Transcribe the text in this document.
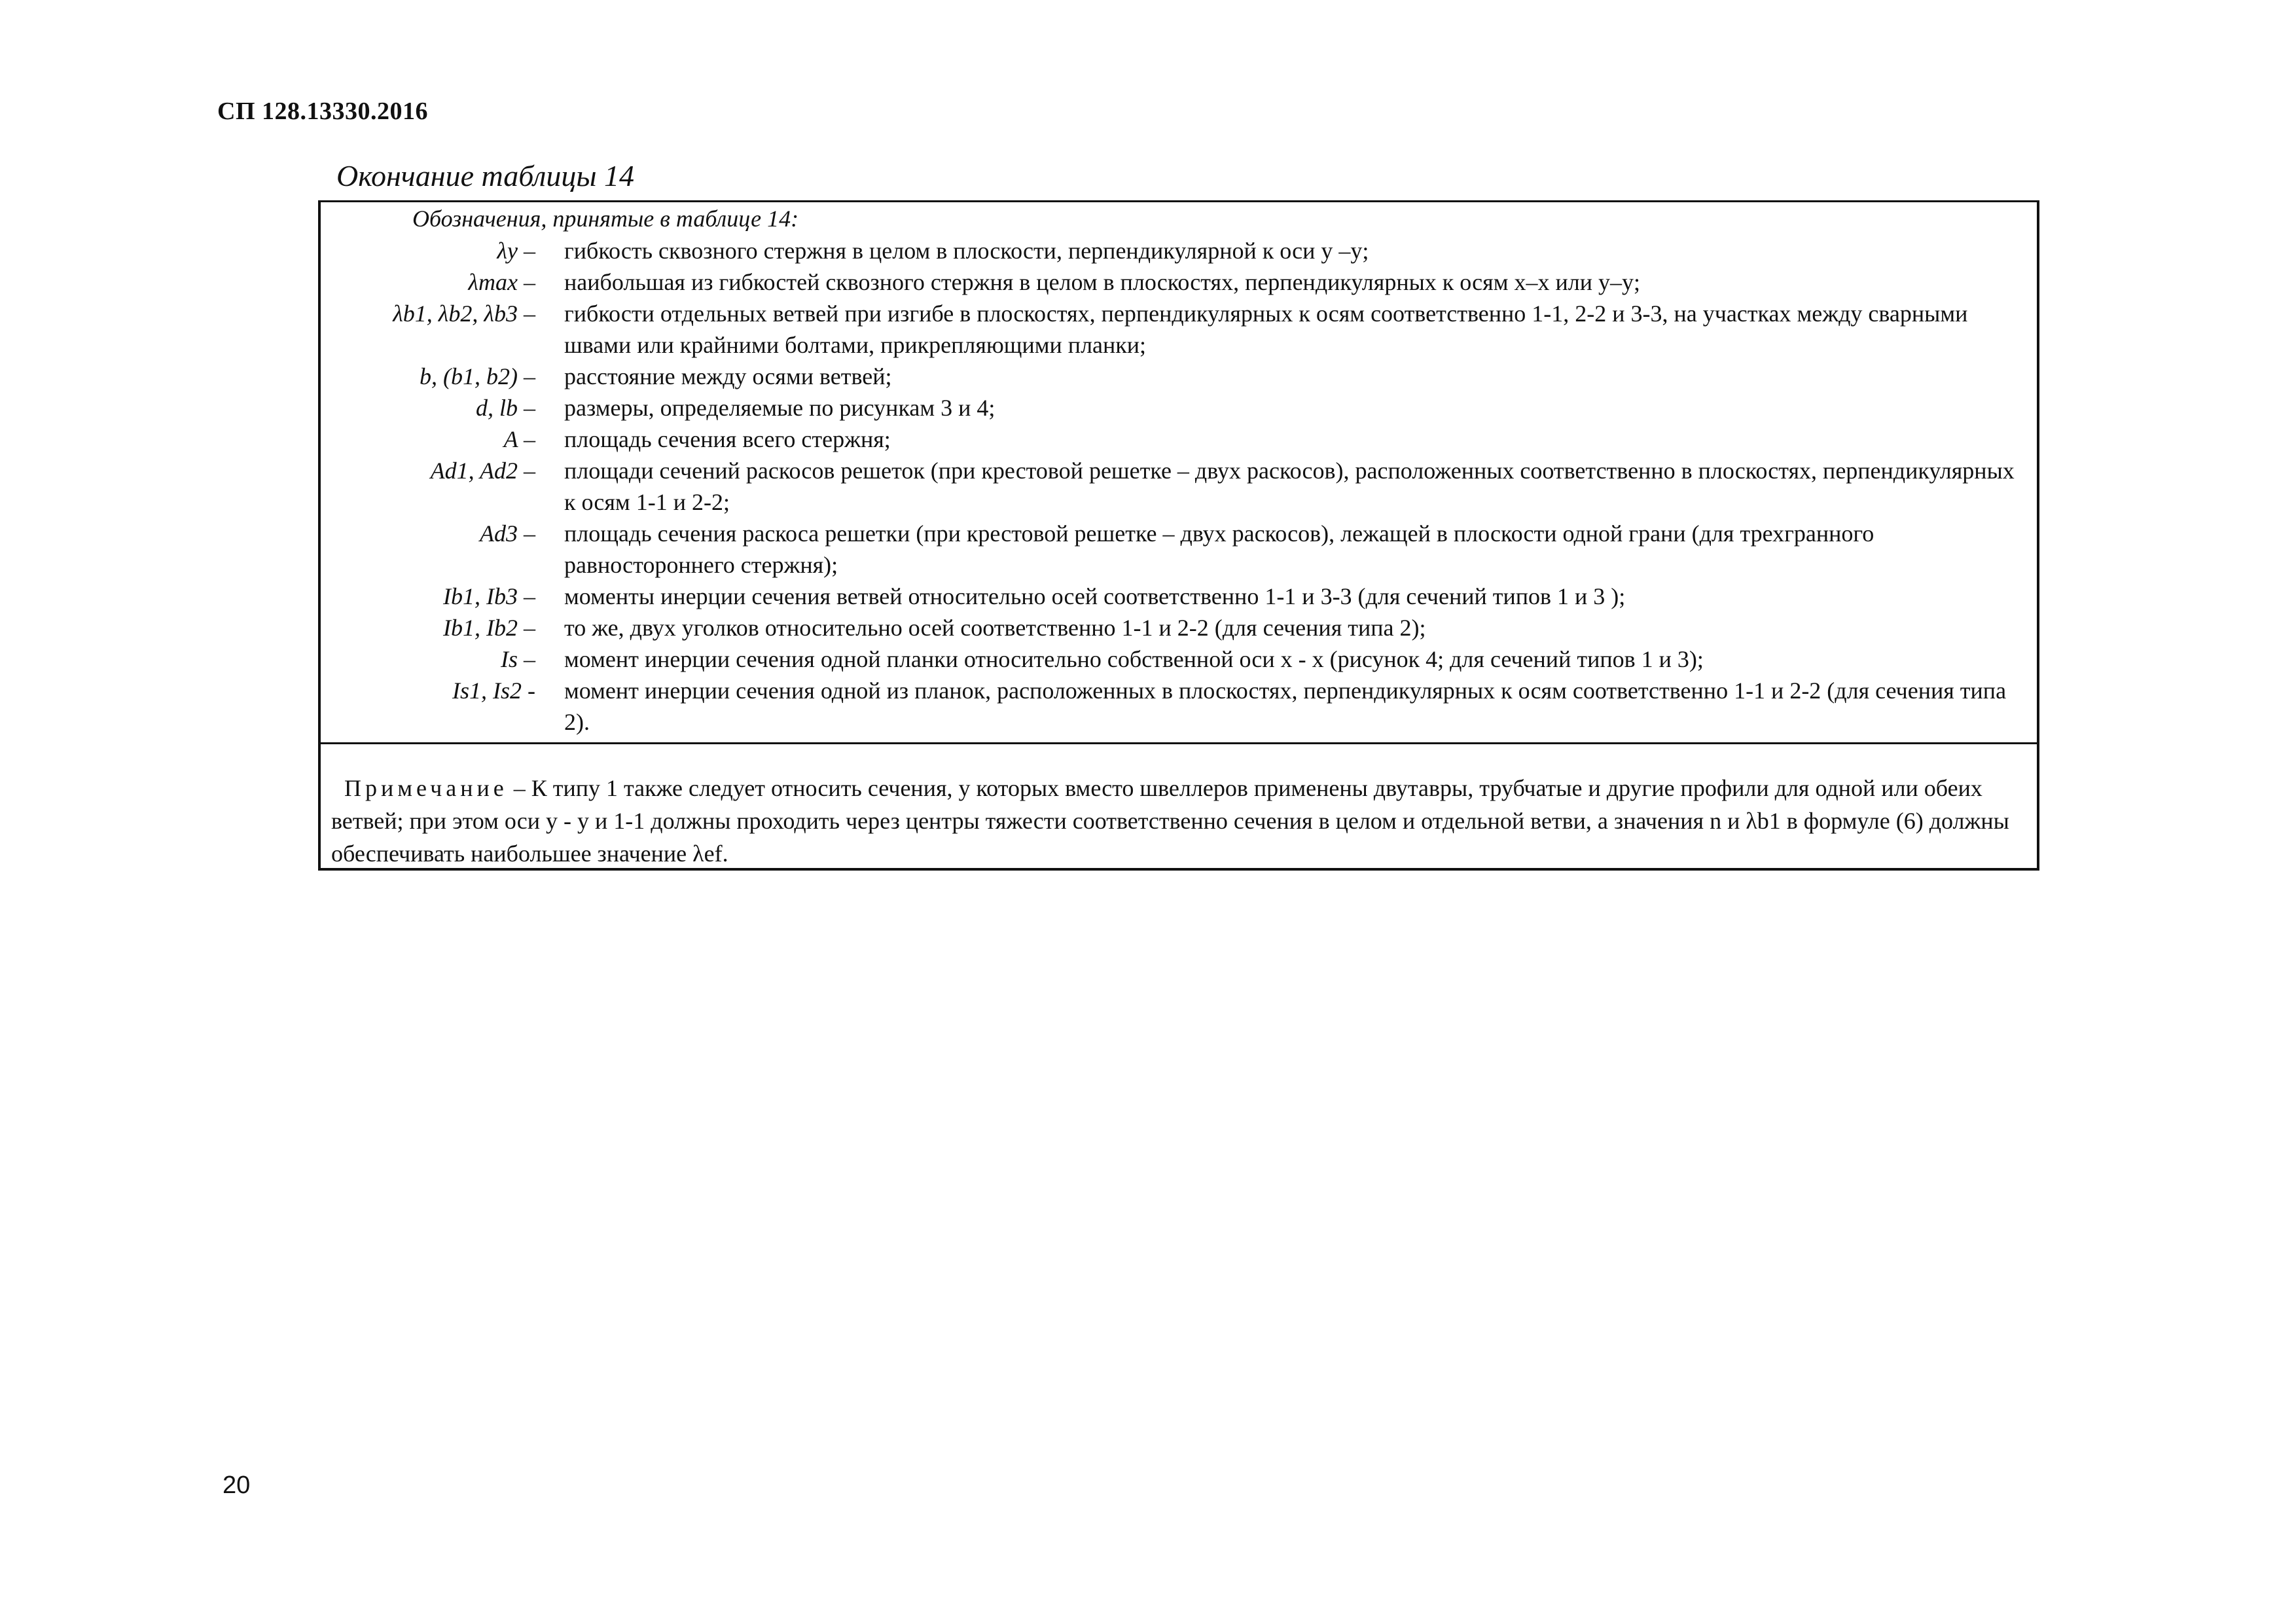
СП 128.13330.2016
Окончание таблицы 14
Обозначения, принятые в таблице 14:
λy – гибкость сквозного стержня в целом в плоскости, перпендикулярной к оси y –y;
λmax – наибольшая из гибкостей сквозного стержня в целом в плоскостях, перпендикулярных к осям x–x или y–y;
λb1, λb2, λb3 – гибкости отдельных ветвей при изгибе в плоскостях, перпендикулярных к осям соответственно 1-1, 2-2 и 3-3, на участках между сварными швами или крайними болтами, прикрепляющими планки;
b, (b1, b2) – расстояние между осями ветвей;
d, lb – размеры, определяемые по рисункам 3 и 4;
A – площадь сечения всего стержня;
Ad1, Ad2 – площади сечений раскосов решеток (при крестовой решетке – двух раскосов), расположенных соответственно в плоскостях, перпендикулярных к осям 1-1 и 2-2;
Ad3 – площадь сечения раскоса решетки (при крестовой решетке – двух раскосов), лежащей в плоскости одной грани (для трехгранного равностороннего стержня);
Ib1, Ib3 – моменты инерции сечения ветвей относительно осей соответственно 1-1 и 3-3 (для сечений типов 1 и 3 );
Ib1, Ib2 – то же, двух уголков относительно осей соответственно 1-1 и 2-2 (для сечения типа 2);
Is – момент инерции сечения одной планки относительно собственной оси x - x (рисунок 4; для сечений типов 1 и 3);
Is1, Is2 - момент инерции сечения одной из планок, расположенных в плоскостях, перпендикулярных к осям соответственно 1-1 и 2-2 (для сечения типа 2).
Примечание – К типу 1 также следует относить сечения, у которых вместо швеллеров применены двутавры, трубчатые и другие профили для одной или обеих ветвей; при этом оси y - y и 1-1 должны проходить через центры тяжести соответственно сечения в целом и отдельной ветви, а значения n и λb1 в формуле (6) должны обеспечивать наибольшее значение λef.
20
